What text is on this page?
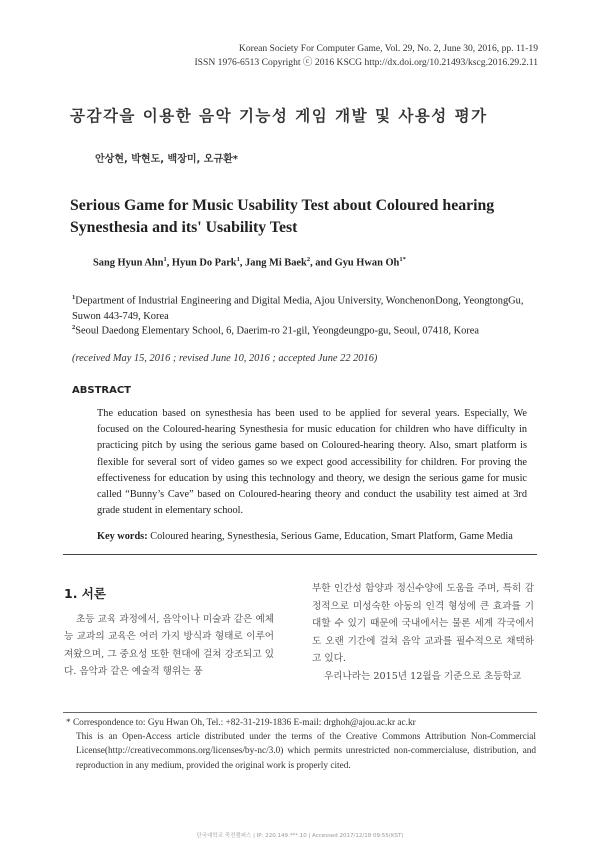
Korean Society For Computer Game, Vol. 29, No. 2, June 30, 2016, pp. 11-19
ISSN 1976-6513 Copyright ⓒ 2016 KSCG http://dx.doi.org/10.21493/kscg.2016.29.2.11
공감각을 이용한 음악 기능성 게임 개발 및 사용성 평가
안상현, 박현도, 백장미, 오규환*
Serious Game for Music Usability Test about Coloured hearing Synesthesia and its' Usability Test
Sang Hyun Ahn$^1$, Hyun Do Park$^1$, Jang Mi Baek$^2$, and Gyu Hwan $Oh^{1*}$
$^1$Department of Industrial Engineering and Digital Media, Ajou University, WonchenonDong, YeongtongGu, Suwon 443-749, Korea
$^2$Seoul Daedong Elementary School, 6, Daerim-ro 21-gil, Yeongdeungpo-gu, Seoul, 07418, Korea
(received May 15, 2016 ; revised June 10, 2016 ; accepted June 22 2016)
ABSTRACT

The education based on synesthesia has been used to be applied for several years. Especially, We focused on the Coloured-hearing Synesthesia for music education for children who have difficulty in practicing pitch by using the serious game based on Coloured-hearing theory. Also, smart platform is flexible for several sort of video games so we expect good accessibility for children. For proving the effectiveness for education by using this technology and theory, we design the serious game for music called “Bunny’s Cave” based on Coloured-hearing theory and conduct the usability test aimed at 3rd grade student in elementary school.

Key words: Coloured hearing, Synesthesia, Serious Game, Education, Smart Platform, Game Media
1. 서론

초등 교육 과정에서, 음악이나 미술과 같은 예체능 교과의 교육은 여러 가지 방식과 형태로 이루어져왔으며, 그 중요성 또한 현대에 걸쳐 강조되고 있다. 음악과 같은 예술적 행위는 풍

부한 인간성 함양과 정신수양에 도움을 주며, 특히 감정적으로 미성숙한 아동의 인격 형성에 큰 효과를 기대할 수 있기 때문에 국내에서는 물론 세계 각국에서도 오랜 기간에 걸쳐 음악 교과를 필수적으로 채택하고 있다.

우리나라는 2015년 12월을 기준으로 초등학교

* Correspondence to: Gyu Hwan Oh, Tel.: +82-31-219-1836 E-mail: drghoh@ajou.ac.kr ac.kr
This is an Open-Access article distributed under the terms of the Creative Commons Attribution Non-Commercial License(http://creativecommons.org/licenses/by-nc/3.0) which permits unrestricted non-commercialuse, distribution, and reproduction in any medium, provided the original work is properly cited.
단국대학교 죽전캠퍼스 | IP: 220.149.***.10 | Accessed 2017/12/18 09:55(KST)
